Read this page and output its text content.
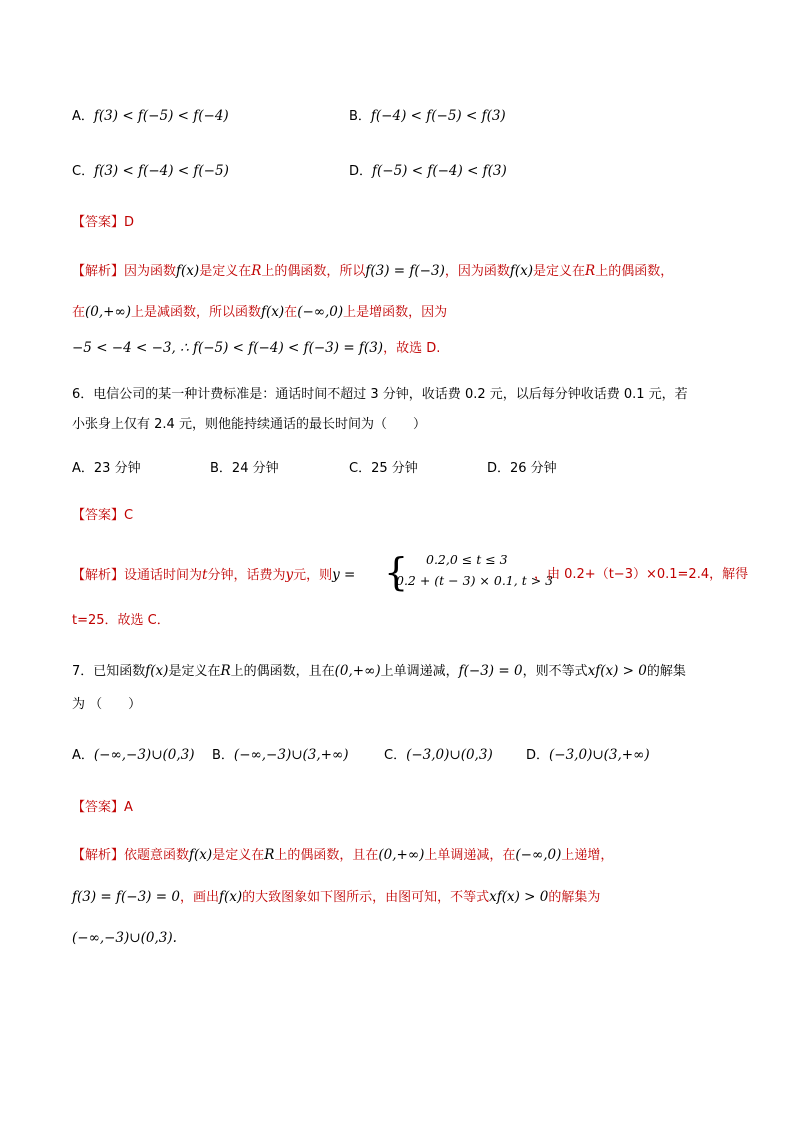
A．f(3) < f(−5) < f(−4)	B．f(−4) < f(−5) < f(3)
C．f(3) < f(−4) < f(−5)	D．f(−5) < f(−4) < f(3)
【答案】D
【解析】因为函数f(x)是定义在R上的偶函数，所以f(3) = f(−3)，因为函数f(x)是定义在R上的偶函数，
在(0,+∞)上是减函数，所以函数f(x)在(−∞,0)上是增函数，因为
−5 < −4 < −3, ∴ f(−5) < f(−4) < f(−3) = f(3)，故选 D.
6．电信公司的某一种计费标准是：通话时间不超过 3 分钟，收话费 0.2 元，以后每分钟收话费 0.1 元，若
小张身上仅有 2.4 元，则他能持续通话的最长时间为（　　）
A．23 分钟	B．24 分钟	C．25 分钟	D．26 分钟
【答案】C
【解析】设通话时间为t分钟，话费为y元，则y = { 0.2,0 ≤ t ≤ 3
0.2 + (t − 3) × 0.1, t > 3
，由 0.2+（t−3）×0.1=2.4，解得
t=25．故选 C．
7．已知函数f(x)是定义在R上的偶函数，且在(0,+∞)上单调递减，f(−3) = 0，则不等式xf(x) > 0的解集
为 （　　）
A．(−∞,−3)∪(0,3) B．(−∞,−3)∪(3,+∞)	C．(−3,0)∪(0,3)	D．(−3,0)∪(3,+∞)
【答案】A
【解析】依题意函数f(x)是定义在R上的偶函数，且在(0,+∞)上单调递减，在(−∞,0)上递增，
f(3) = f(−3) = 0，画出f(x)的大致图象如下图所示，由图可知，不等式xf(x) > 0的解集为
(−∞,−3)∪(0,3).
